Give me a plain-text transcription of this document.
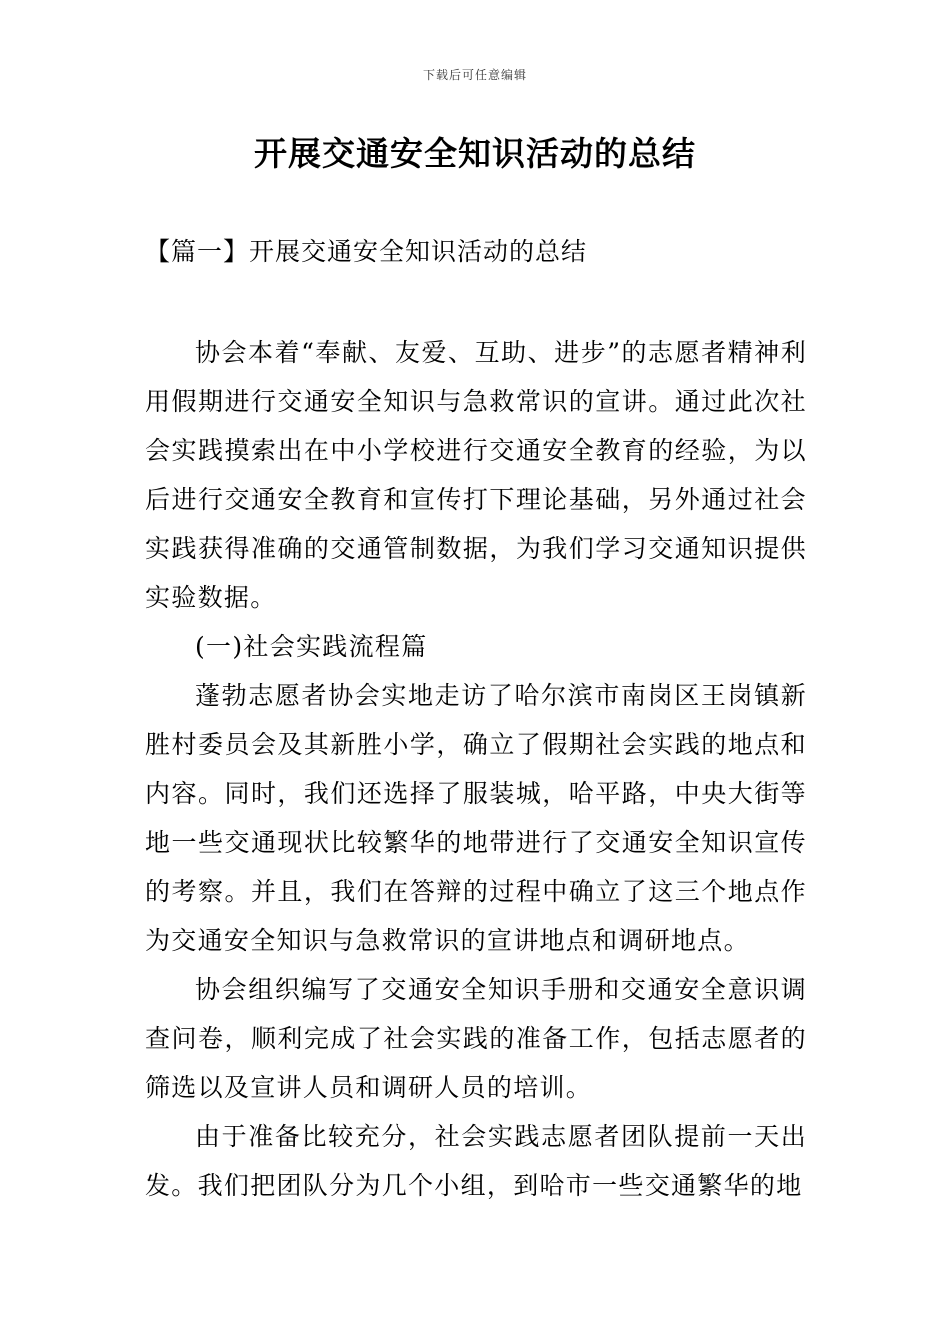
下载后可任意编辑
开展交通安全知识活动的总结
【篇一】开展交通安全知识活动的总结

协会本着“奉献、友爱、互助、进步”的志愿者精神利用假期进行交通安全知识与急救常识的宣讲。通过此次社会实践摸索出在中小学校进行交通安全教育的经验，为以后进行交通安全教育和宣传打下理论基础，另外通过社会实践获得准确的交通管制数据，为我们学习交通知识提供实验数据。

(一)社会实践流程篇

蓬勃志愿者协会实地走访了哈尔滨市南岗区王岗镇新胜村委员会及其新胜小学，确立了假期社会实践的地点和内容。同时，我们还选择了服装城，哈平路，中央大街等地一些交通现状比较繁华的地带进行了交通安全知识宣传的考察。并且，我们在答辩的过程中确立了这三个地点作为交通安全知识与急救常识的宣讲地点和调研地点。

协会组织编写了交通安全知识手册和交通安全意识调查问卷，顺利完成了社会实践的准备工作，包括志愿者的筛选以及宣讲人员和调研人员的培训。

由于准备比较充分，社会实践志愿者团队提前一天出发。我们把团队分为几个小组，到哈市一些交通繁华的地
